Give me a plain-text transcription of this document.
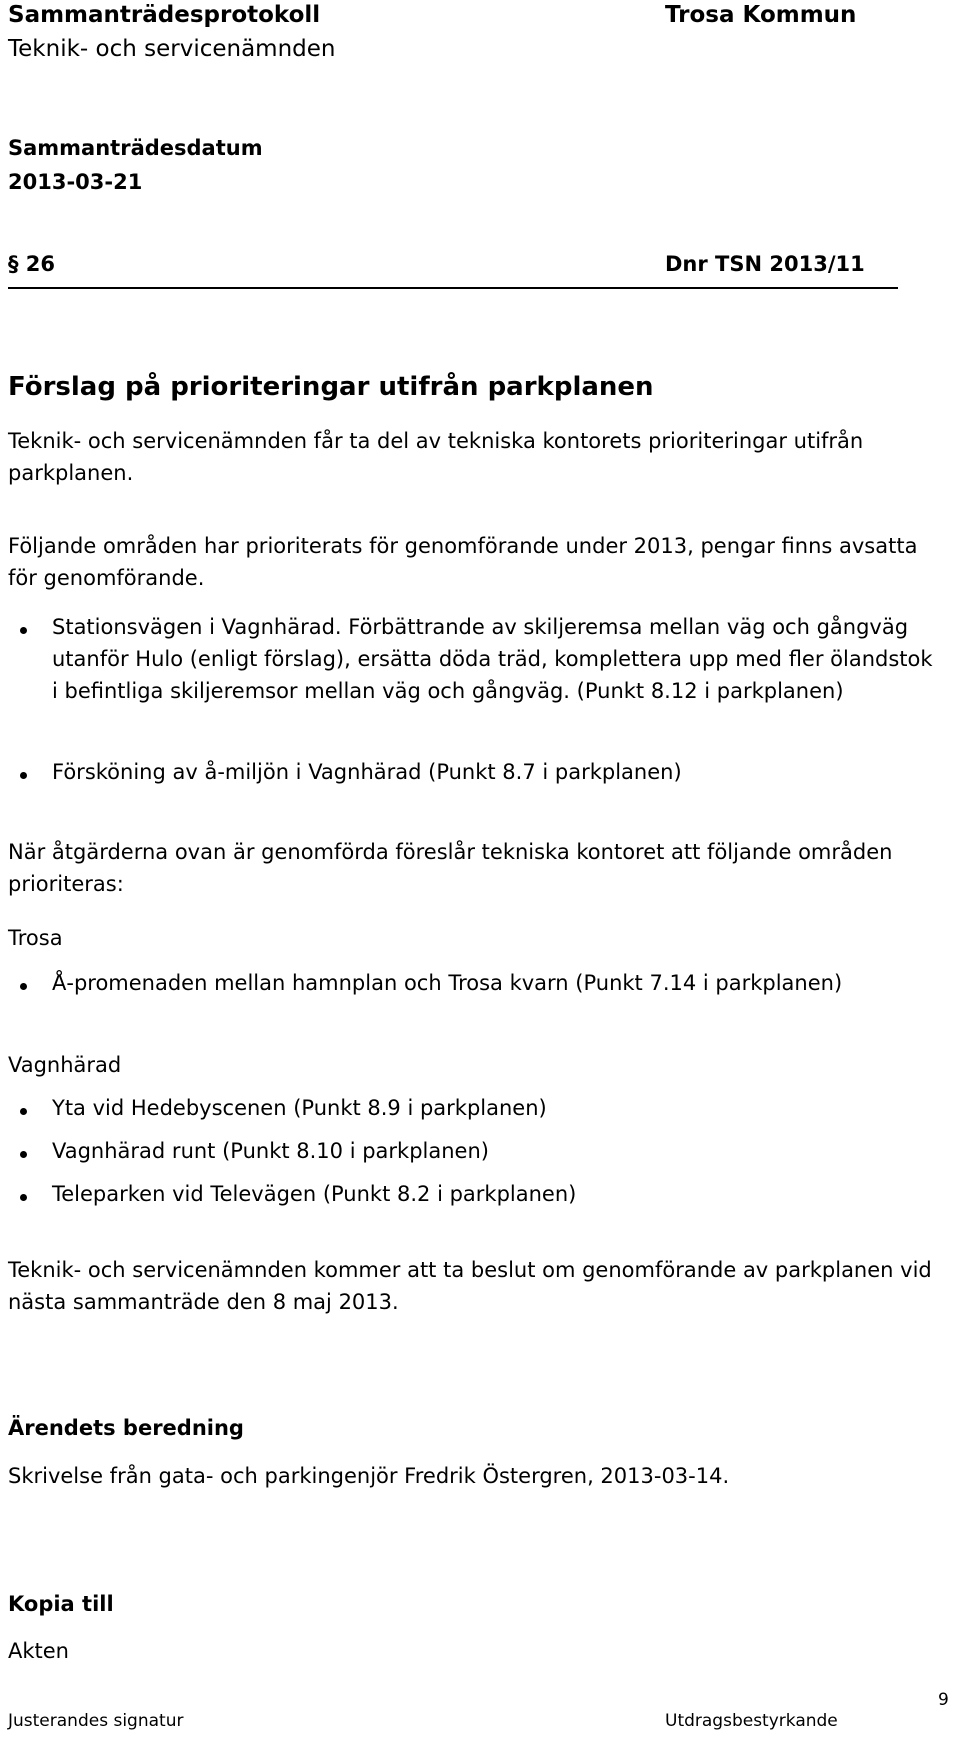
Sammanträdesprotokoll
Teknik- och servicenämnden
Trosa Kommun
Sammanträdesdatum
2013-03-21
§ 26	Dnr TSN 2013/11
Förslag på prioriteringar utifrån parkplanen
Teknik- och servicenämnden får ta del av tekniska kontorets prioriteringar utifrån parkplanen.
Följande områden har prioriterats för genomförande under 2013, pengar finns avsatta för genomförande.
Stationsvägen i Vagnhärad. Förbättrande av skiljeremsa mellan väg och gångväg utanför Hulo (enligt förslag), ersätta döda träd, komplettera upp med fler ölandstok i befintliga skiljeremsor mellan väg och gångväg. (Punkt 8.12 i parkplanen)
Försköning av å-miljön i Vagnhärad (Punkt 8.7 i parkplanen)
När åtgärderna ovan är genomförda föreslår tekniska kontoret att följande områden prioriteras:
Trosa
Å-promenaden mellan hamnplan och Trosa kvarn (Punkt 7.14 i parkplanen)
Vagnhärad
Yta vid Hedebyscenen (Punkt 8.9 i parkplanen)
Vagnhärad runt (Punkt 8.10 i parkplanen)
Teleparken vid Televägen (Punkt 8.2 i parkplanen)
Teknik- och servicenämnden kommer att ta beslut om genomförande av parkplanen vid nästa sammanträde den 8 maj 2013.
Ärendets beredning
Skrivelse från gata- och parkingenjör Fredrik Östergren, 2013-03-14.
Kopia till
Akten
Justerandes signatur	Utdragsbestyrkande
9
